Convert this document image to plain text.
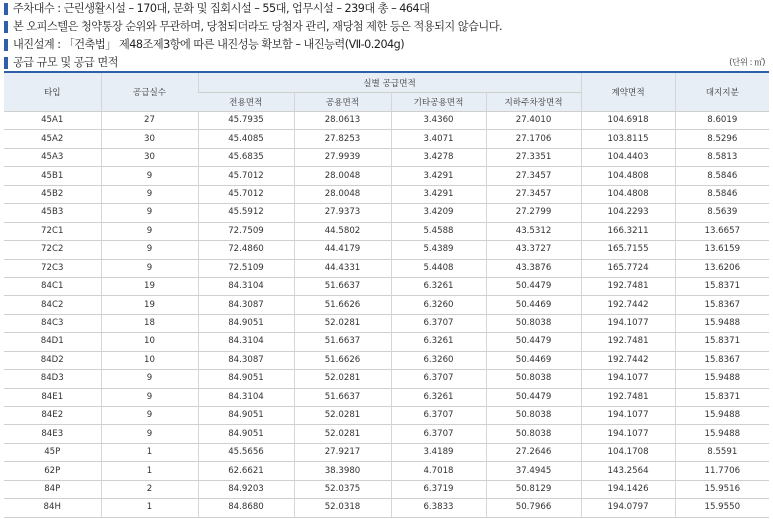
주차대수 : 근린생활시설 – 170대, 문화 및 집회시설 – 55대, 업무시설 – 239대 총 – 464대
본 오피스텔은 청약통장 순위와 무관하며, 당첨되더라도 당첨자 관리, 재당첨 제한 등은 적용되지 않습니다.
내진설계 : 「건축법」 제48조제3항에 따른 내진성능 확보함 – 내진능력(Ⅶ-0.204g)
공급 규모 및 공급 면적	(단위 : ㎡)
타입	공급실수	실별 공급면적				계약면적	대지지분
		전용면적	공용면적	기타공용면적	지하주차장면적		
45A1	27	45.7935	28.0613	3.4360	27.4010	104.6918	8.6019
45A2	30	45.4085	27.8253	3.4071	27.1706	103.8115	8.5296
45A3	30	45.6835	27.9939	3.4278	27.3351	104.4403	8.5813
45B1	9	45.7012	28.0048	3.4291	27.3457	104.4808	8.5846
45B2	9	45.7012	28.0048	3.4291	27.3457	104.4808	8.5846
45B3	9	45.5912	27.9373	3.4209	27.2799	104.2293	8.5639
72C1	9	72.7509	44.5802	5.4588	43.5312	166.3211	13.6657
72C2	9	72.4860	44.4179	5.4389	43.3727	165.7155	13.6159
72C3	9	72.5109	44.4331	5.4408	43.3876	165.7724	13.6206
84C1	19	84.3104	51.6637	6.3261	50.4479	192.7481	15.8371
84C2	19	84.3087	51.6626	6.3260	50.4469	192.7442	15.8367
84C3	18	84.9051	52.0281	6.3707	50.8038	194.1077	15.9488
84D1	10	84.3104	51.6637	6.3261	50.4479	192.7481	15.8371
84D2	10	84.3087	51.6626	6.3260	50.4469	192.7442	15.8367
84D3	9	84.9051	52.0281	6.3707	50.8038	194.1077	15.9488
84E1	9	84.3104	51.6637	6.3261	50.4479	192.7481	15.8371
84E2	9	84.9051	52.0281	6.3707	50.8038	194.1077	15.9488
84E3	9	84.9051	52.0281	6.3707	50.8038	194.1077	15.9488
45P	1	45.5656	27.9217	3.4189	27.2646	104.1708	8.5591
62P	1	62.6621	38.3980	4.7018	37.4945	143.2564	11.7706
84P	2	84.9203	52.0375	6.3719	50.8129	194.1426	15.9516
84H	1	84.8680	52.0318	6.3833	50.7966	194.0797	15.9550
